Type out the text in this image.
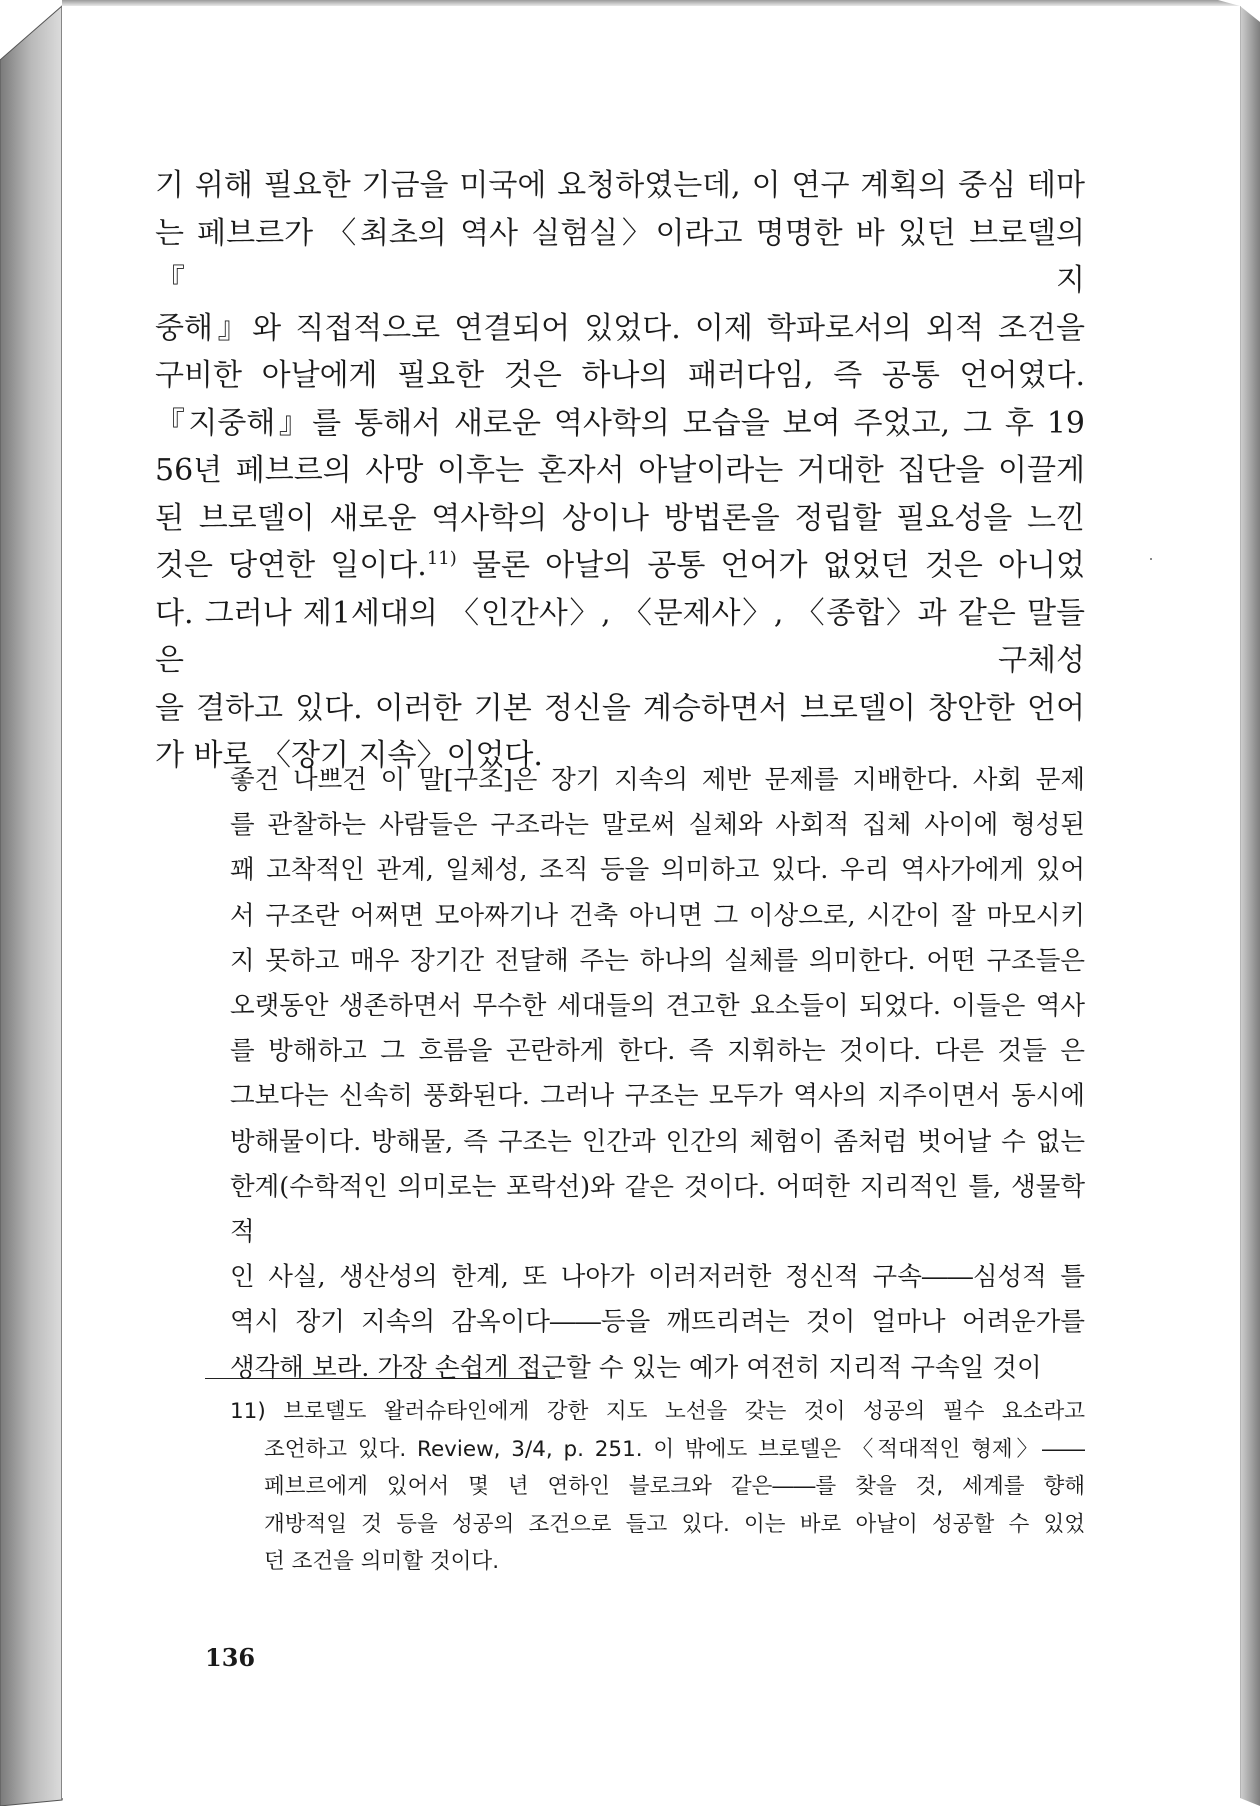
기 위해 필요한 기금을 미국에 요청하였는데, 이 연구 계획의 중심 테마

는 페브르가 〈최초의 역사 실험실〉이라고 명명한 바 있던 브로델의 『지

중해』와 직접적으로 연결되어 있었다. 이제 학파로서의 외적 조건을

구비한 아날에게 필요한 것은 하나의 패러다임, 즉 공통 언어였다.

『지중해』를 통해서 새로운 역사학의 모습을 보여 주었고, 그 후 19

56년 페브르의 사망 이후는 혼자서 아날이라는 거대한 집단을 이끌게

된 브로델이 새로운 역사학의 상이나 방법론을 정립할 필요성을 느낀

것은 당연한 일이다.$^{11)}$ 물론 아날의 공통 언어가 없었던 것은 아니었

다. 그러나 제1세대의 〈인간사〉, 〈문제사〉, 〈종합〉과 같은 말들은 구체성

을 결하고 있다. 이러한 기본 정신을 계승하면서 브로델이 창안한 언어

가 바로 〈장기 지속〉이었다.

좋건 나쁘건 이 말[구조]은 장기 지속의 제반 문제를 지배한다. 사회 문제

를 관찰하는 사람들은 구조라는 말로써 실체와 사회적 집체 사이에 형성된

꽤 고착적인 관계, 일체성, 조직 등을 의미하고 있다. 우리 역사가에게 있어

서 구조란 어쩌면 모아짜기나 건축 아니면 그 이상으로, 시간이 잘 마모시키

지 못하고 매우 장기간 전달해 주는 하나의 실체를 의미한다. 어떤 구조들은

오랫동안 생존하면서 무수한 세대들의 견고한 요소들이 되었다. 이들은 역사

를 방해하고 그 흐름을 곤란하게 한다. 즉 지휘하는 것이다. 다른 것들 은

그보다는 신속히 풍화된다. 그러나 구조는 모두가 역사의 지주이면서 동시에

방해물이다. 방해물, 즉 구조는 인간과 인간의 체험이 좀처럼 벗어날 수 없는

한계(수학적인 의미로는 포락선)와 같은 것이다. 어떠한 지리적인 틀, 생물학적

인 사실, 생산성의 한계, 또 나아가 이러저러한 정신적 구속――심성적 틀

역시 장기 지속의 감옥이다――등을 깨뜨리려는 것이 얼마나 어려운가를

생각해 보라. 가장 손쉽게 접근할 수 있는 예가 여전히 지리적 구속일 것이

11) 브로델도 왈러슈타인에게 강한 지도 노선을 갖는 것이 성공의 필수 요소라고

조언하고 있다. Review, 3/4, p. 251. 이 밖에도 브로델은 〈적대적인 형제〉――

페브르에게 있어서 몇 년 연하인 블로크와 같은――를 찾을 것, 세계를 향해

개방적일 것 등을 성공의 조건으로 들고 있다. 이는 바로 아날이 성공할 수 있었

던 조건을 의미할 것이다.

136
